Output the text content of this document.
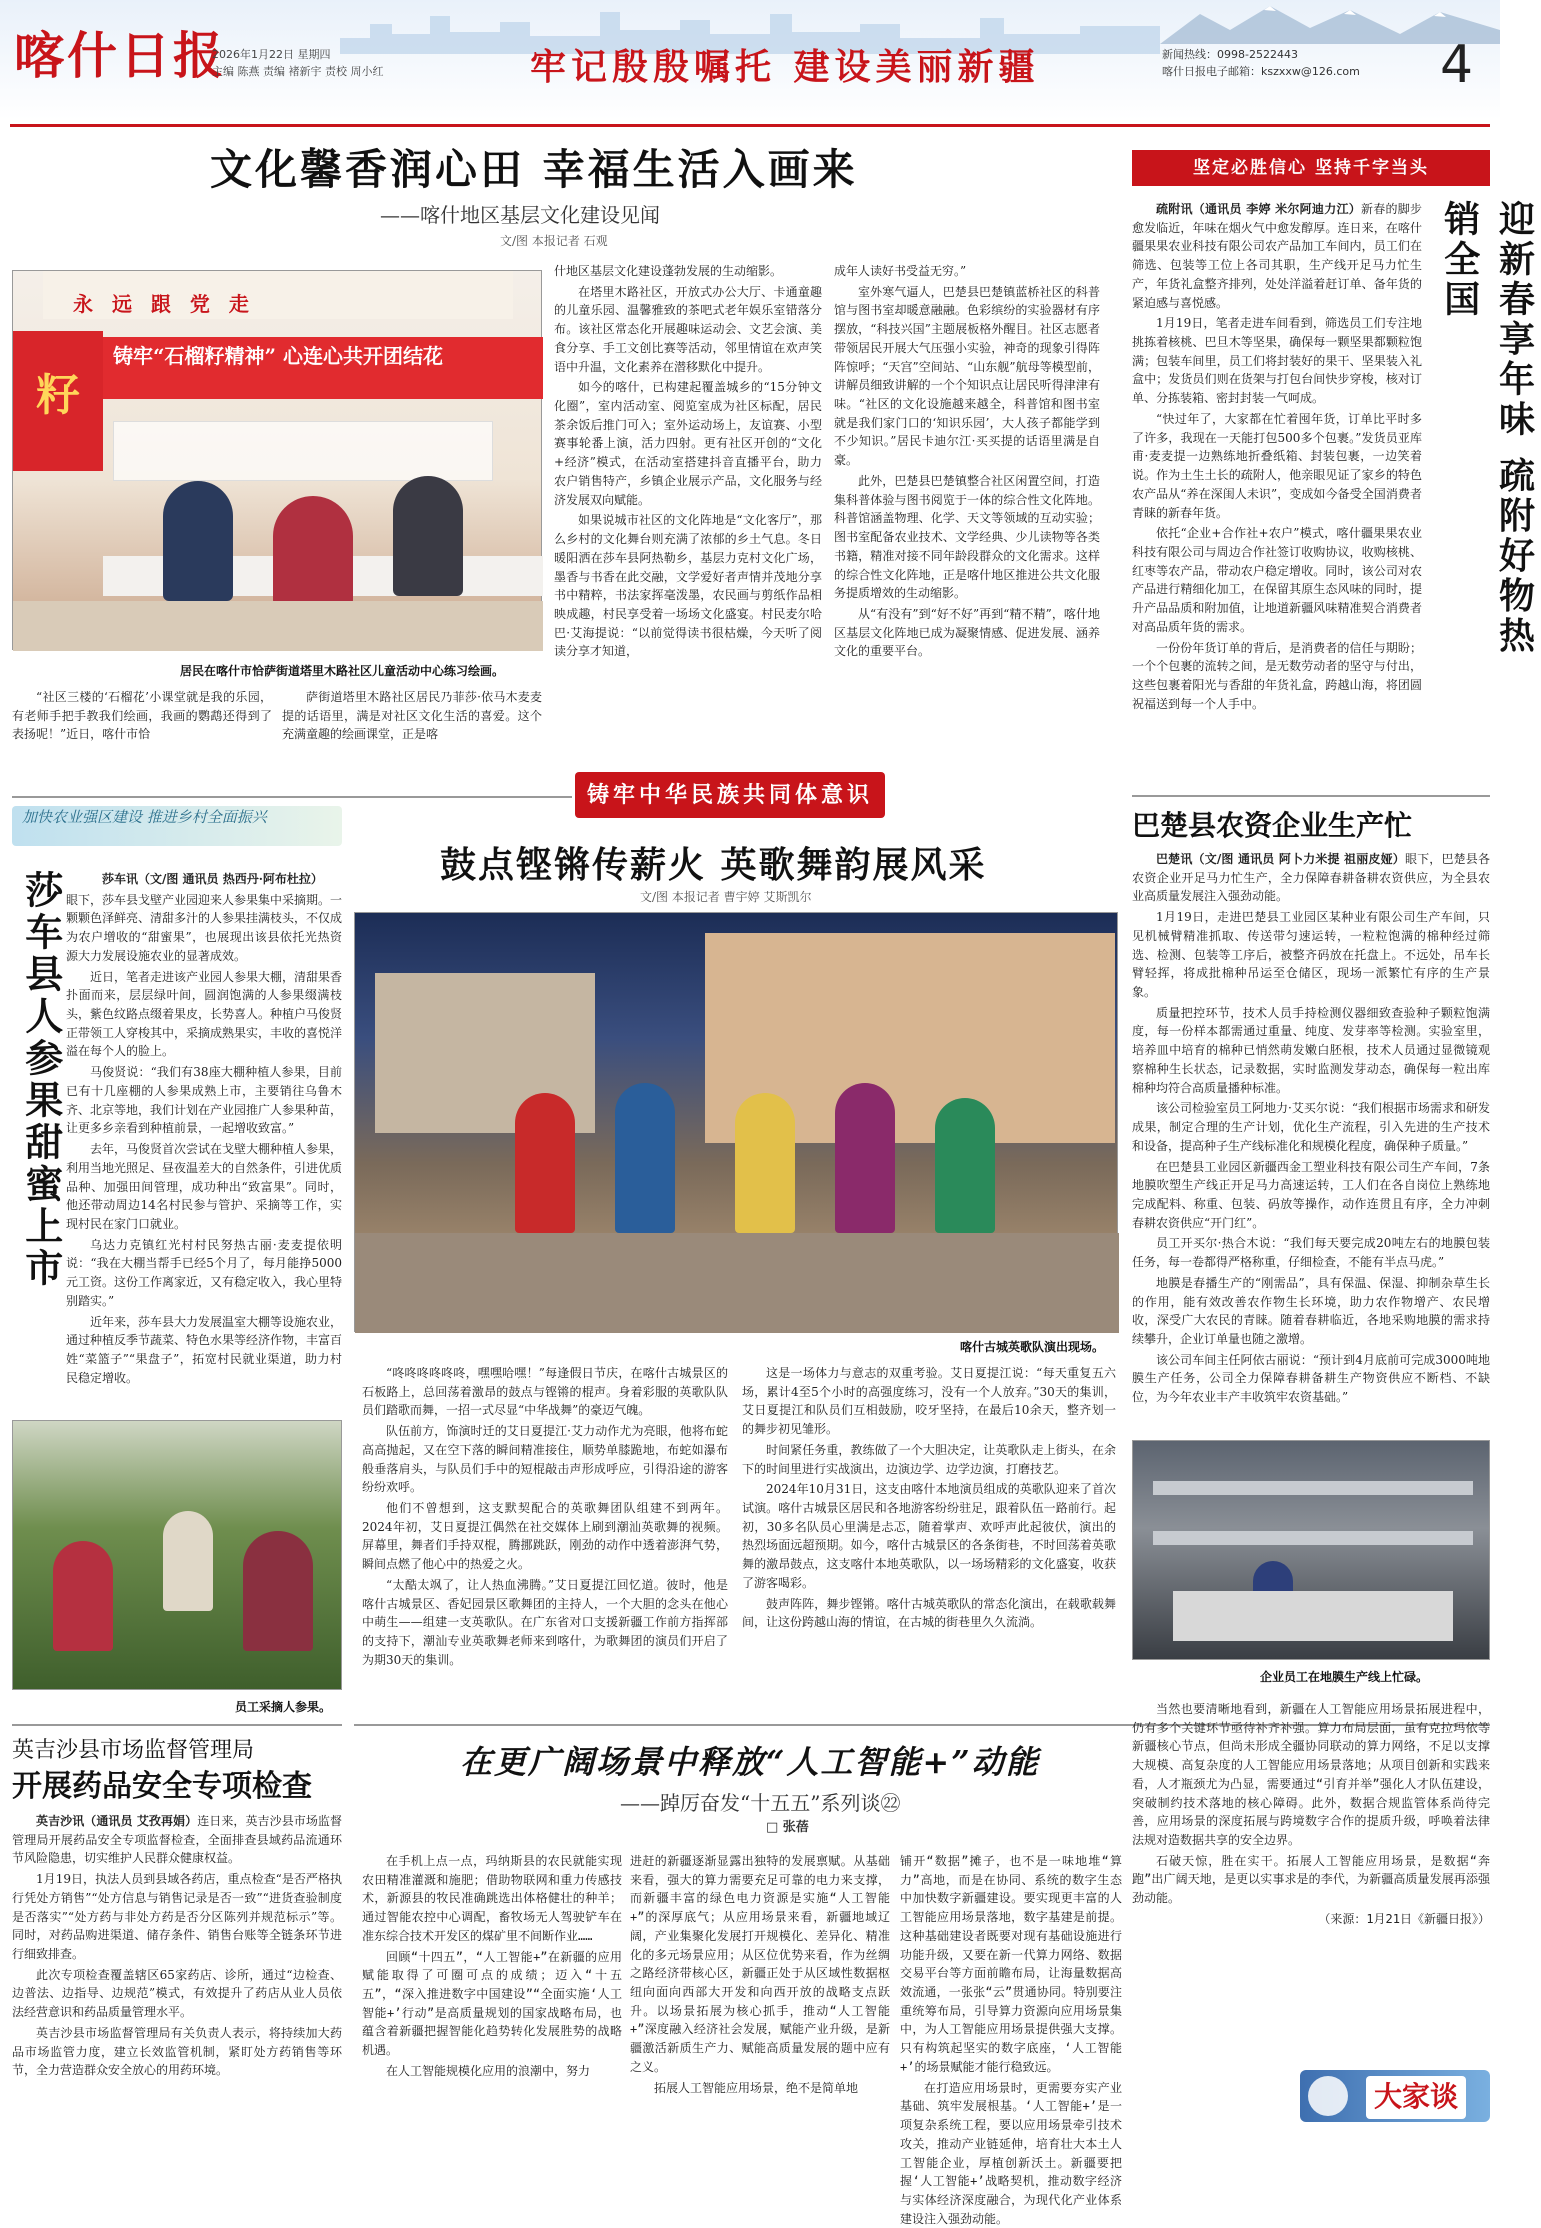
喀什日报
2026年1月22日 星期四
主编 陈燕 责编 褚新宇 责校 周小红	牢记殷殷嘱托 建设美丽新疆	新闻热线：0998-2522443
喀什日报电子邮箱：kszxxw@126.com 4
文化馨香润心田 幸福生活入画来
——喀什地区基层文化建设见闻
文/图 本报记者 石观
永 远 跟 党 走
籽
铸牢“石榴籽精神” 心连心共开团结花
居民在喀什市恰萨街道塔里木路社区儿童活动中心练习绘画。

“社区三楼的‘石榴花’小课堂就是我的乐园，有老师手把手教我们绘画，我画的鹦鹉还得到了表扬呢！”近日，喀什市恰

萨街道塔里木路社区居民乃菲莎·依马木麦麦提的话语里，满是对社区文化生活的喜爱。这个充满童趣的绘画课堂，正是喀

什地区基层文化建设蓬勃发展的生动缩影。

在塔里木路社区，开放式办公大厅、卡通童趣的儿童乐园、温馨雅致的茶吧式老年娱乐室错落分布。该社区常态化开展趣味运动会、文艺会演、美食分享、手工文创比赛等活动，邻里情谊在欢声笑语中升温，文化素养在潜移默化中提升。

如今的喀什，已构建起覆盖城乡的“15分钟文化圈”，室内活动室、阅览室成为社区标配，居民茶余饭后推门可入；室外运动场上，友谊赛、小型赛事轮番上演，活力四射。更有社区开创的“文化+经济”模式，在活动室搭建抖音直播平台，助力农户销售特产，乡镇企业展示产品，文化服务与经济发展双向赋能。

如果说城市社区的文化阵地是“文化客厅”，那么乡村的文化舞台则充满了浓郁的乡土气息。冬日暖阳洒在莎车县阿热勒乡，基层力克村文化广场，墨香与书香在此交融，文学爱好者声情并茂地分享书中精粹，书法家挥毫泼墨，农民画与剪纸作品相映成趣，村民享受着一场场文化盛宴。村民麦尔哈巴·艾海提说：“以前觉得读书很枯燥，今天听了阅读分享才知道，

成年人读好书受益无穷。”

室外寒气逼人，巴楚县巴楚镇蓝桥社区的科普馆与图书室却暖意融融。色彩缤纷的实验器材有序摆放，“科技兴国”主题展板格外醒目。社区志愿者带领居民开展大气压强小实验，神奇的现象引得阵阵惊呼；“天宫”空间站、“山东舰”航母等模型前，讲解员细致讲解的一个个知识点让居民听得津津有味。“社区的文化设施越来越全，科普馆和图书室就是我们家门口的‘知识乐园’，大人孩子都能学到不少知识。”居民卡迪尔江·买买提的话语里满是自豪。

此外，巴楚县巴楚镇整合社区闲置空间，打造集科普体验与图书阅览于一体的综合性文化阵地。科普馆涵盖物理、化学、天文等领域的互动实验；图书室配备农业技术、文学经典、少儿读物等各类书籍，精准对接不同年龄段群众的文化需求。这样的综合性文化阵地，正是喀什地区推进公共文化服务提质增效的生动缩影。

从“有没有”到“好不好”再到“精不精”，喀什地区基层文化阵地已成为凝聚情感、促进发展、涵养文化的重要平台。

坚定必胜信心 坚持千字当头
迎新春享年味 疏附好物热销全国

疏附讯（通讯员 李婷 米尔阿迪力江）新春的脚步愈发临近，年味在烟火气中愈发醇厚。连日来，在喀什疆果果农业科技有限公司农产品加工车间内，员工们在筛选、包装等工位上各司其职，生产线开足马力忙生产，年货礼盒整齐排列，处处洋溢着赶订单、备年货的紧迫感与喜悦感。

1月19日，笔者走进车间看到，筛选员工们专注地挑拣着核桃、巴旦木等坚果，确保每一颗坚果都颗粒饱满；包装车间里，员工们将封装好的果干、坚果装入礼盒中；发货员们则在货架与打包台间快步穿梭，核对订单、分拣装箱、密封封装一气呵成。

“快过年了，大家都在忙着囤年货，订单比平时多了许多，我现在一天能打包500多个包裹。”发货员亚库甫·麦麦提一边熟练地折叠纸箱、封装包裹，一边笑着说。作为土生土长的疏附人，他亲眼见证了家乡的特色农产品从“养在深闺人未识”，变成如今备受全国消费者青睐的新春年货。

依托“企业+合作社+农户”模式，喀什疆果果农业科技有限公司与周边合作社签订收购协议，收购核桃、红枣等农产品，带动农户稳定增收。同时，该公司对农产品进行精细化加工，在保留其原生态风味的同时，提升产品品质和附加值，让地道新疆风味精准契合消费者对高品质年货的需求。

一份份年货订单的背后，是消费者的信任与期盼；一个个包裹的流转之间，是无数劳动者的坚守与付出，这些包裹着阳光与香甜的年货礼盒，跨越山海，将团圆祝福送到每一个人手中。

巴楚县农资企业生产忙

巴楚讯（文/图 通讯员 阿卜力米提 祖丽皮娅）眼下，巴楚县各农资企业开足马力忙生产，全力保障春耕备耕农资供应，为全县农业高质量发展注入强劲动能。

1月19日，走进巴楚县工业园区某种业有限公司生产车间，只见机械臂精准抓取、传送带匀速运转，一粒粒饱满的棉种经过筛选、检测、包装等工序后，被整齐码放在托盘上。不远处，吊车长臂轻挥，将成批棉种吊运至仓储区，现场一派繁忙有序的生产景象。

质量把控环节，技术人员手持检测仪器细致查验种子颗粒饱满度，每一份样本都需通过重量、纯度、发芽率等检测。实验室里，培养皿中培育的棉种已悄然萌发嫩白胚根，技术人员通过显微镜观察棉种生长状态，记录数据，实时监测发芽动态，确保每一粒出库棉种均符合高质量播种标准。

该公司检验室员工阿地力·艾买尔说：“我们根据市场需求和研发成果，制定合理的生产计划，优化生产流程，引入先进的生产技术和设备，提高种子生产线标准化和规模化程度，确保种子质量。”

在巴楚县工业园区新疆西金工塑业科技有限公司生产车间，7条地膜吹塑生产线正开足马力高速运转，工人们在各自岗位上熟练地完成配料、称重、包装、码放等操作，动作连贯且有序，全力冲刺春耕农资供应“开门红”。

员工开买尔·热合木说：“我们每天要完成20吨左右的地膜包装任务，每一卷都得严格称重，仔细检查，不能有半点马虎。”

地膜是春播生产的“刚需品”，具有保温、保湿、抑制杂草生长的作用，能有效改善农作物生长环境，助力农作物增产、农民增收，深受广大农民的青睐。随着春耕临近，各地采购地膜的需求持续攀升，企业订单量也随之激增。

该公司车间主任阿依古丽说：“预计到4月底前可完成3000吨地膜生产任务，公司全力保障春耕备耕生产物资供应不断档、不缺位，为今年农业丰产丰收筑牢农资基础。”

企业员工在地膜生产线上忙碌。
加快农业强区建设 推进乡村全面振兴
莎车县人参果甜蜜上市	莎车讯（文/图 通讯员 热西丹·阿布杜拉）

眼下，莎车县戈壁产业园迎来人参果集中采摘期。一颗颗色泽鲜亮、清甜多汁的人参果挂满枝头，不仅成为农户增收的“甜蜜果”，也展现出该县依托光热资源大力发展设施农业的显著成效。

近日，笔者走进该产业园人参果大棚，清甜果香扑面而来，层层绿叶间，圆润饱满的人参果缀满枝头，紫色纹路点缀着果皮，长势喜人。种植户马俊贤正带领工人穿梭其中，采摘成熟果实，丰收的喜悦洋溢在每个人的脸上。

马俊贤说：“我们有38座大棚种植人参果，目前已有十几座棚的人参果成熟上市，主要销往乌鲁木齐、北京等地，我们计划在产业园推广人参果种苗，让更多乡亲看到种植前景，一起增收致富。”

去年，马俊贤首次尝试在戈壁大棚种植人参果，利用当地光照足、昼夜温差大的自然条件，引进优质品种、加强田间管理，成功种出“致富果”。同时，他还带动周边14名村民参与管护、采摘等工作，实现村民在家门口就业。

乌达力克镇红光村村民努热古丽·麦麦提依明说：“我在大棚当帮手已经5个月了，每月能挣5000元工资。这份工作离家近，又有稳定收入，我心里特别踏实。”

近年来，莎车县大力发展温室大棚等设施农业，通过种植反季节蔬菜、特色水果等经济作物，丰富百姓“菜篮子”“果盘子”，拓宽村民就业渠道，助力村民稳定增收。

员工采摘人参果。
英吉沙县市场监督管理局
开展药品安全专项检查

英吉沙讯（通讯员 艾孜再娟）连日来，英吉沙县市场监督管理局开展药品安全专项监督检查，全面排查县域药品流通环节风险隐患，切实维护人民群众健康权益。

1月19日，执法人员到县域各药店，重点检查“是否严格执行凭处方销售”“处方信息与销售记录是否一致”“进货查验制度是否落实”“处方药与非处方药是否分区陈列并规范标示”等。同时，对药品购进渠道、储存条件、销售台账等全链条环节进行细致排查。

此次专项检查覆盖辖区65家药店、诊所，通过“边检查、边普法、边指导、边规范”模式，有效提升了药店从业人员依法经营意识和药品质量管理水平。

英吉沙县市场监督管理局有关负责人表示，将持续加大药品市场监管力度，建立长效监管机制，紧盯处方药销售等环节，全力营造群众安全放心的用药环境。

铸牢中华民族共同体意识
鼓点铿锵传薪火 英歌舞韵展风采
文/图 本报记者 曹宇婷 艾斯凯尔
喀什古城英歌队演出现场。

“咚咚咚咚咚咚，嘿嘿哈嘿！”每逢假日节庆，在喀什古城景区的石板路上，总回荡着激昂的鼓点与铿锵的棍声。身着彩服的英歌队队员们踏歌而舞，一招一式尽显“中华战舞”的豪迈气魄。

队伍前方，饰演时迁的艾日夏提江·艾力动作尤为亮眼，他将布蛇高高抛起，又在空下落的瞬间精准接住，顺势单膝跪地，布蛇如瀑布般垂落肩头，与队员们手中的短棍敲击声形成呼应，引得沿途的游客纷纷欢呼。

他们不曾想到，这支默契配合的英歌舞团队组建不到两年。2024年初，艾日夏提江偶然在社交媒体上刷到潮汕英歌舞的视频。屏幕里，舞者们手持双棍，腾挪跳跃，刚劲的动作中透着澎湃气势，瞬间点燃了他心中的热爱之火。

“太酷太飒了，让人热血沸腾。”艾日夏提江回忆道。彼时，他是喀什古城景区、香妃园景区歌舞团的主持人，一个大胆的念头在他心中萌生——组建一支英歌队。在广东省对口支援新疆工作前方指挥部的支持下，潮汕专业英歌舞老师来到喀什，为歌舞团的演员们开启了为期30天的集训。

这是一场体力与意志的双重考验。艾日夏提江说：“每天重复五六场，累计4至5个小时的高强度练习，没有一个人放弃。”30天的集训，艾日夏提江和队员们互相鼓励，咬牙坚持，在最后10余天，整齐划一的舞步初见雏形。

时间紧任务重，教练做了一个大胆决定，让英歌队走上街头，在余下的时间里进行实战演出，边演边学、边学边演，打磨技艺。

2024年10月31日，这支由喀什本地演员组成的英歌队迎来了首次试演。喀什古城景区居民和各地游客纷纷驻足，跟着队伍一路前行。起初，30多名队员心里满是忐忑，随着掌声、欢呼声此起彼伏，演出的热烈场面远超预期。如今，喀什古城景区的各条街巷，不时回荡着英歌舞的激昂鼓点，这支喀什本地英歌队，以一场场精彩的文化盛宴，收获了游客喝彩。

鼓声阵阵，舞步铿锵。喀什古城英歌队的常态化演出，在载歌载舞间，让这份跨越山海的情谊，在古城的街巷里久久流淌。

在更广阔场景中释放“人工智能+”动能
——踔厉奋发“十五五”系列谈㉒
□ 张蓓

在手机上点一点，玛纳斯县的农民就能实现农田精准灌溉和施肥；借助物联网和重力传感技术，新源县的牧民准确跳选出体格健壮的种羊；通过智能农控中心调配，畜牧场无人驾驶铲车在准东综合技术开发区的煤矿里不间断作业……

回顾“十四五”，“人工智能+”在新疆的应用赋能取得了可圈可点的成绩；迈入“十五五”，“深入推进数字中国建设”“全面实施‘人工智能+’行动”是高质量规划的国家战略布局，也蕴含着新疆把握智能化趋势转化发展胜势的战略机遇。

在人工智能规模化应用的浪潮中，努力

进赶的新疆逐渐显露出独特的发展禀赋。从基础来看，强大的算力需要充足可靠的电力来支撑，而新疆丰富的绿色电力资源是实施“人工智能+”的深厚底气；从应用场景来看，新疆地域辽阔，产业集聚化发展打开规模化、差异化、精准化的多元场景应用；从区位优势来看，作为丝绸之路经济带核心区，新疆正处于从区域性数据枢纽向面向西部大开发和向西开放的战略支点跃升。以场景拓展为核心抓手，推动“人工智能+”深度融入经济社会发展，赋能产业升级，是新疆激活新质生产力、赋能高质量发展的题中应有之义。

拓展人工智能应用场景，绝不是简单地

铺开“数据”摊子，也不是一味地堆“算力”高地，而是在协同、系统的数字生态中加快数字新疆建设。要实现更丰富的人工智能应用场景落地，数字基建是前提。这种基础建设者既要对现有基础设施进行功能升级，又要在新一代算力网络、数据交易平台等方面前瞻布局，让海量数据高效流通，一张张“云”贯通协同。特别要注重统筹布局，引导算力资源向应用场景集中，为人工智能应用场景提供强大支撑。只有构筑起坚实的数字底座，‘人工智能+’的场景赋能才能行稳致远。

在打造应用场景时，更需要夯实产业基础、筑牢发展根基。‘人工智能+’是一项复杂系统工程，要以应用场景牵引技术攻关，推动产业链延伸，培育壮大本土人工智能企业，厚植创新沃土。新疆要把握‘人工智能+’战略契机，推动数字经济与实体经济深度融合，为现代化产业体系建设注入强劲动能。

当然也要清晰地看到，新疆在人工智能应用场景拓展进程中，仍有多个关键环节亟待补齐补强。算力布局层面，虽有克拉玛依等新疆核心节点，但尚未形成全疆协同联动的算力网络，不足以支撑大规模、高复杂度的人工智能应用场景落地；从项目创新和实践来看，人才瓶颈尤为凸显，需要通过“引育并举”强化人才队伍建设，突破制约技术落地的核心障碍。此外，数据合规监管体系尚待完善，应用场景的深度拓展与跨境数字合作的提质升级，呼唤着法律法规对造数据共享的安全边界。

石破天惊，胜在实干。拓展人工智能应用场景，是数据“奔跑”出广阔天地，是更以实事求是的李代，为新疆高质量发展再添强劲动能。

（来源：1月21日《新疆日报》）

大家谈
